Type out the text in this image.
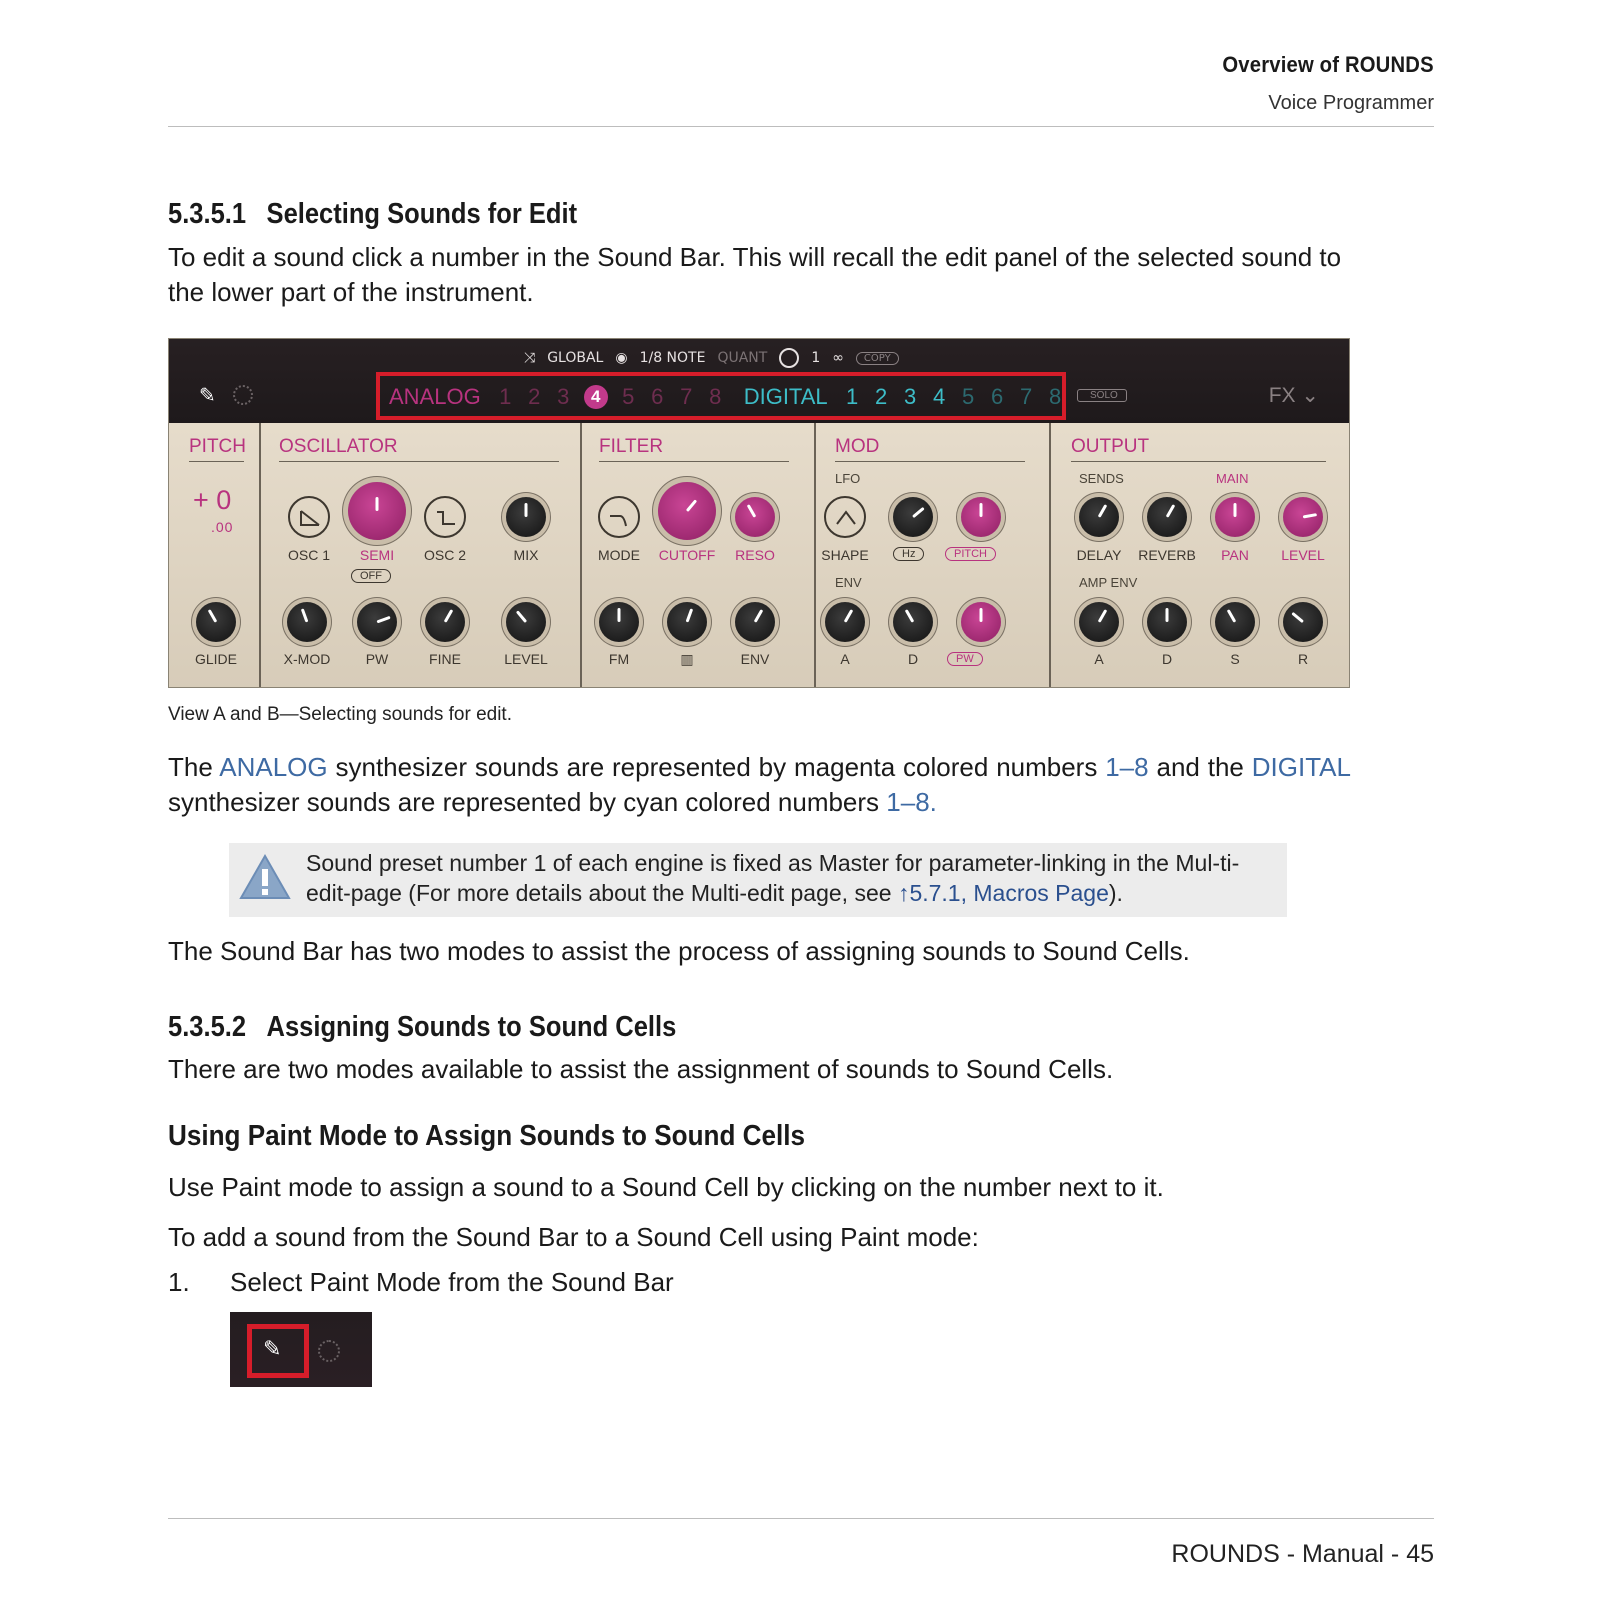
Overview of ROUNDS
Voice Programmer
5.3.5.1 Selecting Sounds for Edit
To edit a sound click a number in the Sound Bar. This will recall the edit panel of the selected sound to the lower part of the instrument.
⤨ GLOBAL ◉ 1/8 NOTE QUANT	1 ∞	COPY
✎	ANALOG 1 2 3	4 5 6 7 8 DIGITAL 1 2 3 4 5 6 7 8	SOLO	FX ⌄
PITCH OSCILLATOR	FILTER	MOD	OUTPUT
+ 0
.00
GLIDE
OSC 1 SEMI OSC 2	MIX
OFF
X-MOD	PW	FINE	LEVEL
MODE CUTOFF RESO
FM	▥	ENV
LFO
SHAPE	Hz	PITCH
ENV
A	D	PW
SENDS	MAIN
DELAY REVERB PAN LEVEL
AMP ENV
A	D	S	R
View A and B—Selecting sounds for edit.
The ANALOG synthesizer sounds are represented by magenta colored numbers 1–8 and the DIGITAL synthesizer sounds are represented by cyan colored numbers 1–8.
Sound preset number 1 of each engine is fixed as Master for parameter-linking in the Mul-ti-edit-page (For more details about the Multi-edit page, see ↑5.7.1, Macros Page).
The Sound Bar has two modes to assist the process of assigning sounds to Sound Cells.
5.3.5.2 Assigning Sounds to Sound Cells
There are two modes available to assist the assignment of sounds to Sound Cells.
Using Paint Mode to Assign Sounds to Sound Cells
Use Paint mode to assign a sound to a Sound Cell by clicking on the number next to it.
To add a sound from the Sound Bar to a Sound Cell using Paint mode:
1. Select Paint Mode from the Sound Bar
✎
ROUNDS - Manual - 45
